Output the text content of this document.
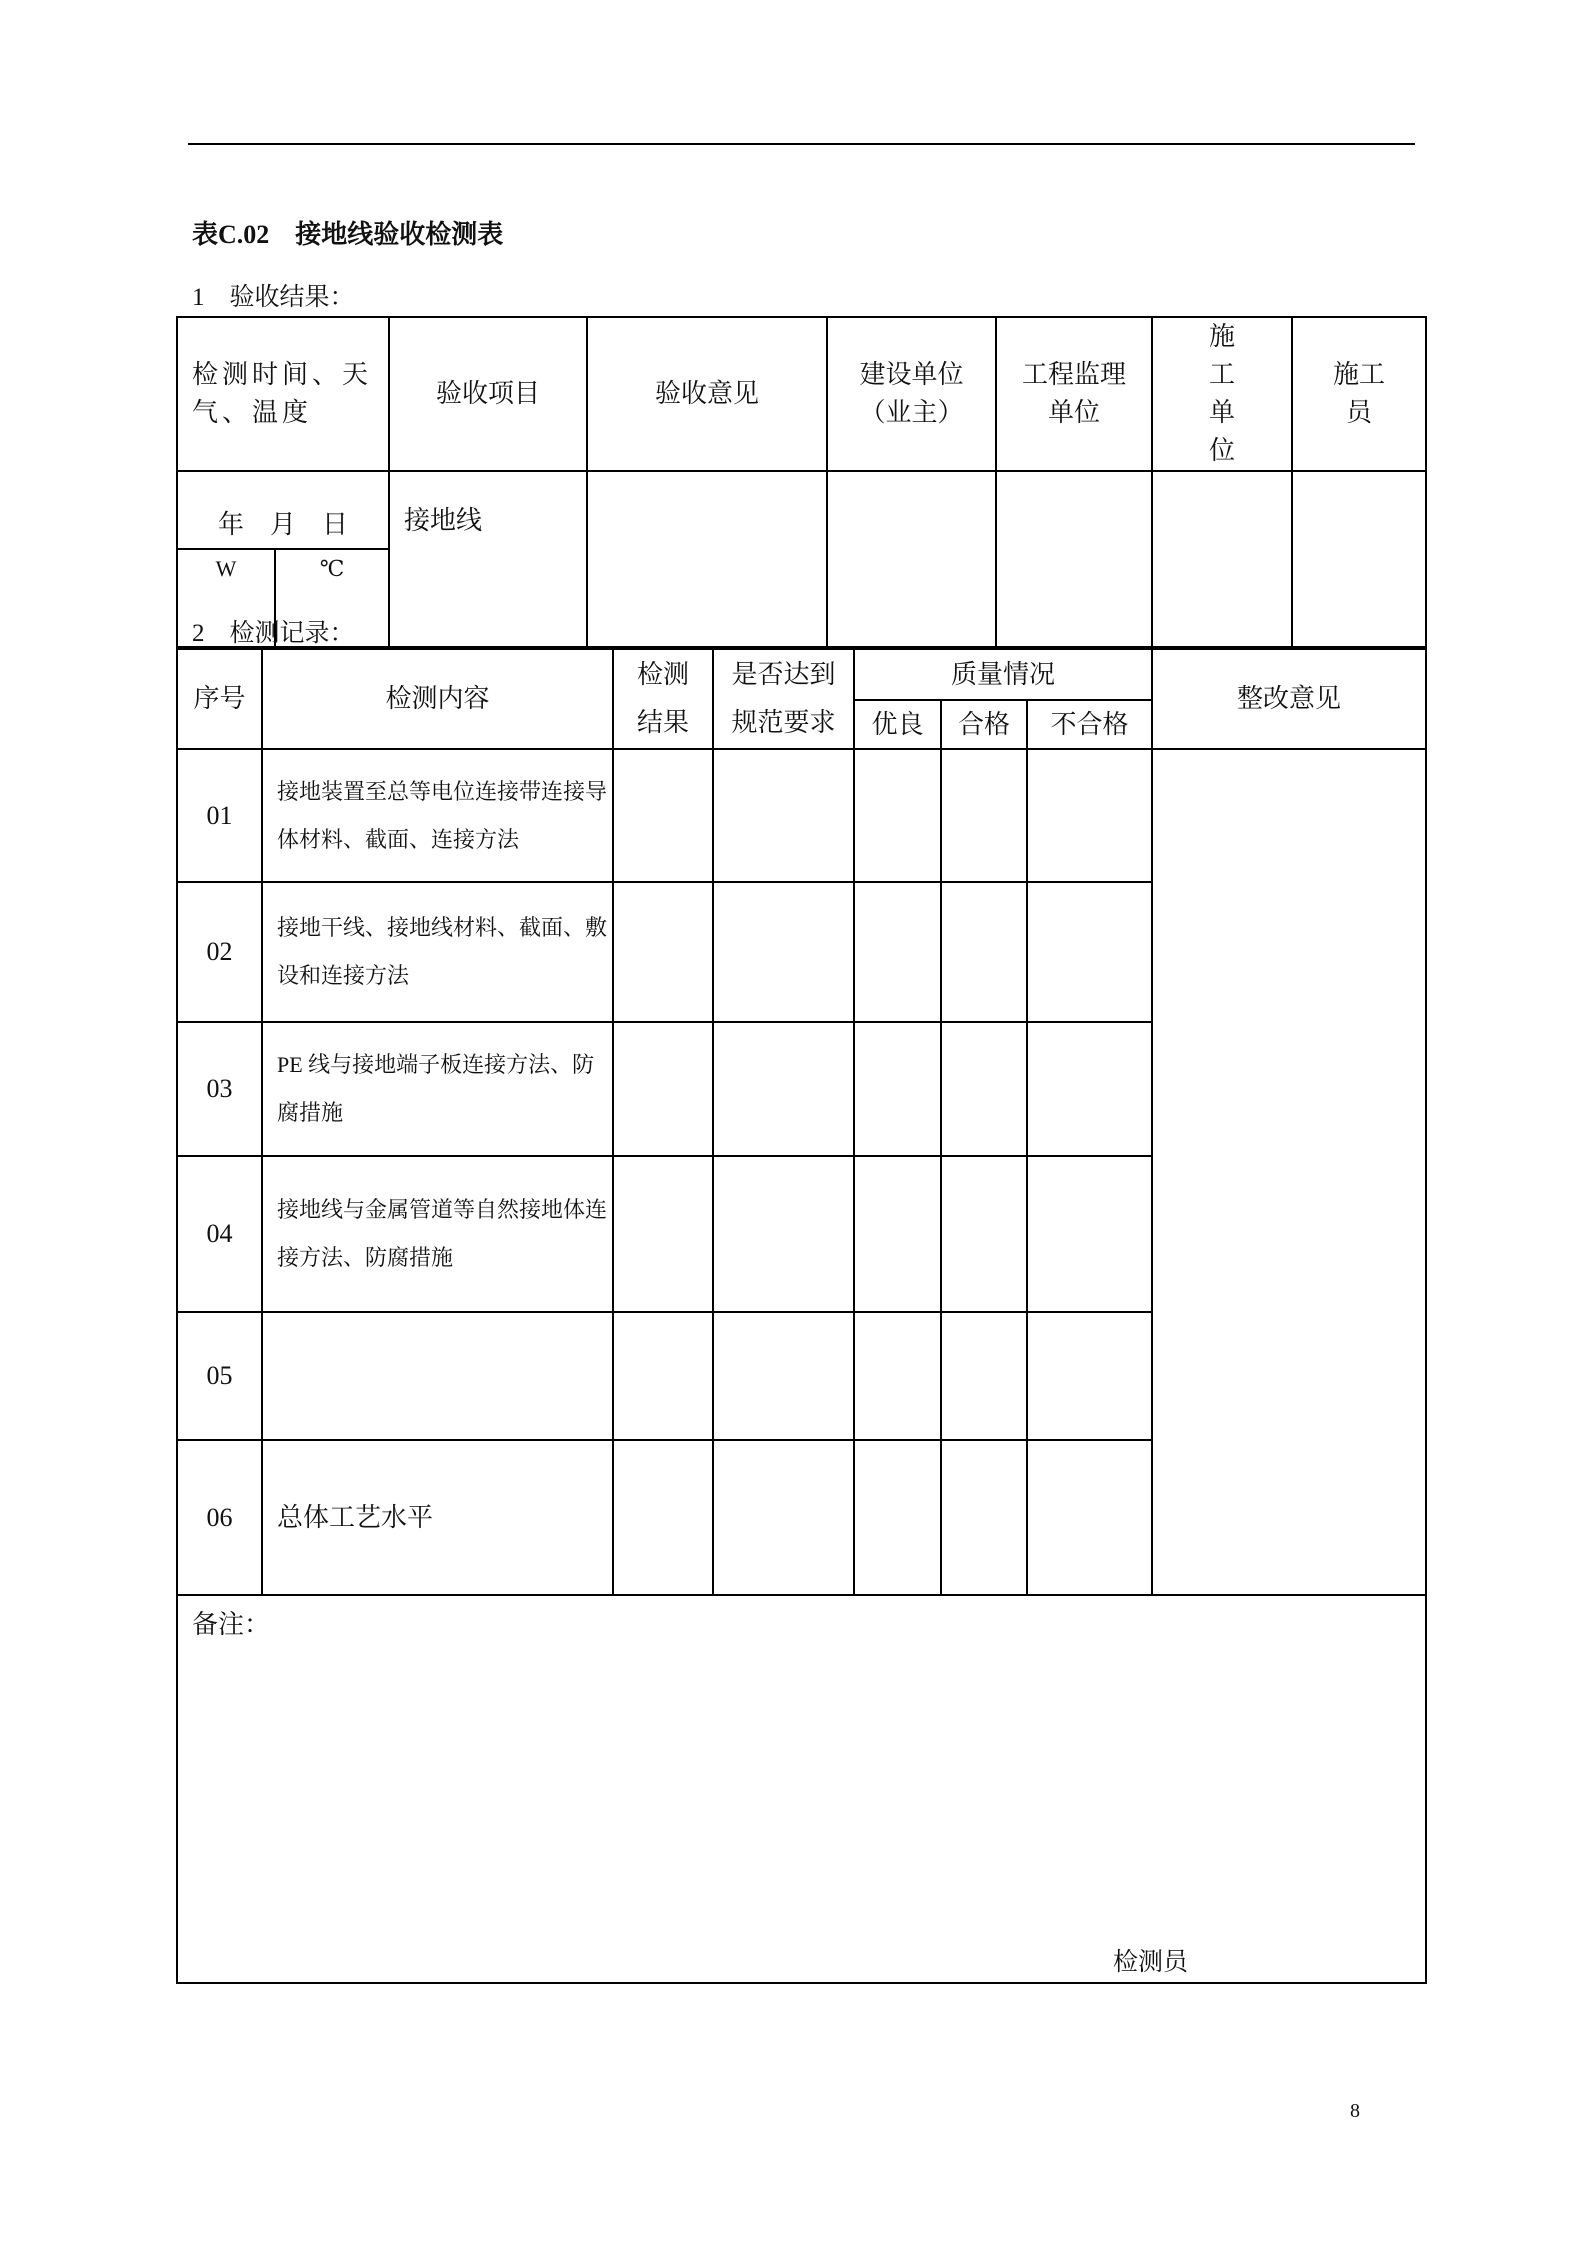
表C.02　接地线验收检测表
1　验收结果：
检测时间、天气、温度		验收项目	验收意见	建设单位（业主）	工程监理单位	施工单位	施工员
年　月　日		接地线					
W	℃						
2　检测记录：
序号	检测内容	检测结果	是否达到规范要求	质量情况			整改意见
				优良	合格	不合格	
01	接地装置至总等电位连接带连接导体材料、截面、连接方法						
02	接地干线、接地线材料、截面、敷设和连接方法						
03	PE 线与接地端子板连接方法、防腐措施						
04	接地线与金属管道等自然接地体连接方法、防腐措施						
05							
06	总体工艺水平						
备注：
检测员							
8
